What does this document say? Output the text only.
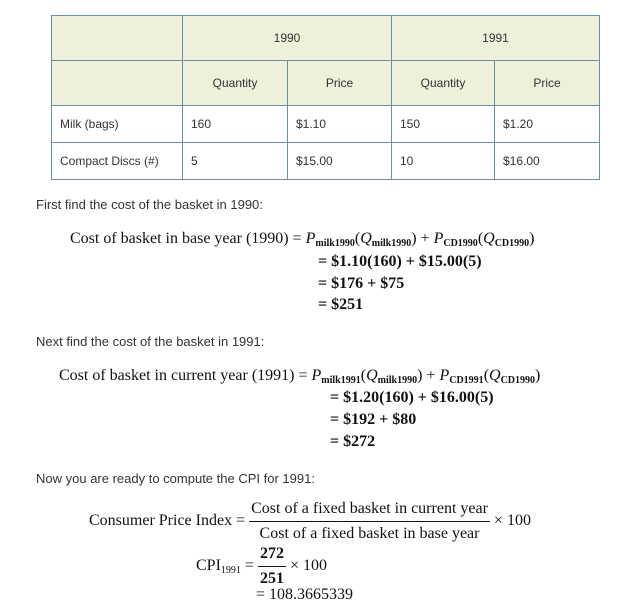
	1990		1991	
	Quantity	Price	Quantity	Price
Milk (bags)	160	$1.10	150	$1.20
Compact Discs (#)	5	$15.00	10	$16.00
First find the cost of the basket in 1990:
Cost of basket in base year $(1990) = P_{milk1990}(Q_{milk1990}) + P_{CD1990}(Q_{CD1990})$
= $1.10(160) + $15.00(5)
= $176 + $75
= $251
Next find the cost of the basket in 1991:
Cost of basket in current year $(1991) = P_{milk1991}(Q_{milk1990}) + P_{CD1991}(Q_{CD1990})$
= $1.20(160) + $16.00(5)
= $192 + $80
= $272
Now you are ready to compute the CPI for 1991:
Consumer Price Index = $\frac{\text{Cost of a fixed basket in current year}}{\text{Cost of a fixed basket in base year}} \times 100$
$CPI_{1991} = \frac{272}{251} \times 100$
= 108.3665339
